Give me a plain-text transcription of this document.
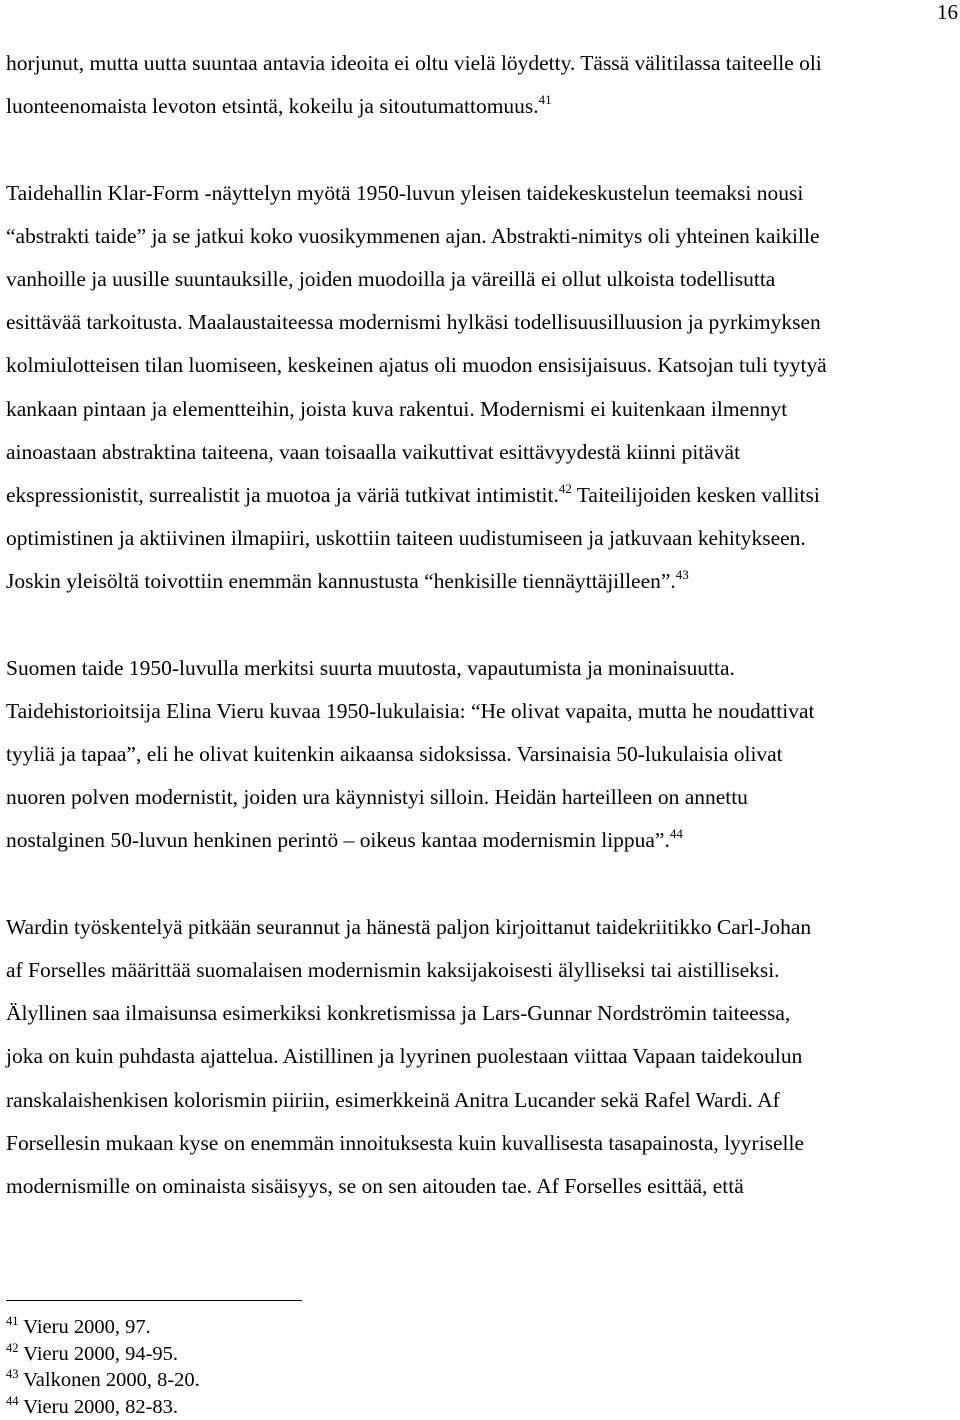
16
horjunut, mutta uutta suuntaa antavia ideoita ei oltu vielä löydetty. Tässä välitilassa taiteelle oli
luonteenomaista levoton etsintä, kokeilu ja sitoutumattomuus.$^{41}$
Taidehallin Klar-Form -näyttelyn myötä 1950-luvun yleisen taidekeskustelun teemaksi nousi
“abstrakti taide” ja se jatkui koko vuosikymmenen ajan. Abstrakti-nimitys oli yhteinen kaikille
vanhoille ja uusille suuntauksille, joiden muodoilla ja väreillä ei ollut ulkoista todellisutta
esittävää tarkoitusta. Maalaustaiteessa modernismi hylkäsi todellisuusilluusion ja pyrkimyksen
kolmiulotteisen tilan luomiseen, keskeinen ajatus oli muodon ensisijaisuus. Katsojan tuli tyytyä
kankaan pintaan ja elementteihin, joista kuva rakentui. Modernismi ei kuitenkaan ilmennyt
ainoastaan abstraktina taiteena, vaan toisaalla vaikuttivat esittävyydestä kiinni pitävät
ekspressionistit, surrealistit ja muotoa ja väriä tutkivat intimistit.$^{42}$ Taiteilijoiden kesken vallitsi
optimistinen ja aktiivinen ilmapiiri, uskottiin taiteen uudistumiseen ja jatkuvaan kehitykseen.
Joskin yleisöltä toivottiin enemmän kannustusta “henkisille tiennäyttäjilleen”.$^{43}$
Suomen taide 1950-luvulla merkitsi suurta muutosta, vapautumista ja moninaisuutta.
Taidehistorioitsija Elina Vieru kuvaa 1950-lukulaisia: “He olivat vapaita, mutta he noudattivat
tyyliä ja tapaa”, eli he olivat kuitenkin aikaansa sidoksissa. Varsinaisia 50-lukulaisia olivat
nuoren polven modernistit, joiden ura käynnistyi silloin. Heidän harteilleen on annettu
nostalginen 50-luvun henkinen perintö – oikeus kantaa modernismin lippua”.$^{44}$
Wardin työskentelyä pitkään seurannut ja hänestä paljon kirjoittanut taidekriitikko Carl-Johan
af Forselles määrittää suomalaisen modernismin kaksijakoisesti älylliseksi tai aistilliseksi.
Älyllinen saa ilmaisunsa esimerkiksi konkretismissa ja Lars-Gunnar Nordströmin taiteessa,
joka on kuin puhdasta ajattelua. Aistillinen ja lyyrinen puolestaan viittaa Vapaan taidekoulun
ranskalaishenkisen kolorismin piiriin, esimerkkeinä Anitra Lucander sekä Rafel Wardi. Af
Forsellesin mukaan kyse on enemmän innoituksesta kuin kuvallisesta tasapainosta, lyyriselle
modernismille on ominaista sisäisyys, se on sen aitouden tae. Af Forselles esittää, että
$^{41}$ Vieru 2000, 97.
$^{42}$ Vieru 2000, 94-95.
$^{43}$ Valkonen 2000, 8-20.
$^{44}$ Vieru 2000, 82-83.
